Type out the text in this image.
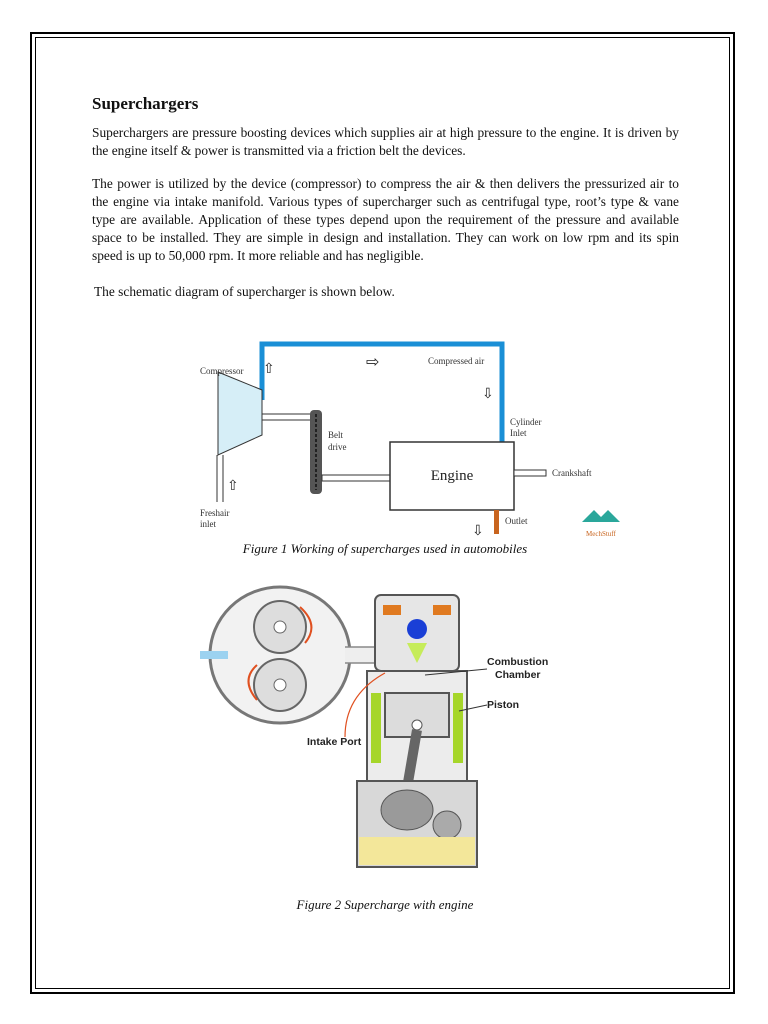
Superchargers
Superchargers are pressure boosting devices which supplies air at high pressure to the engine. It is driven by the engine itself & power is transmitted via a friction belt the devices.
The power is utilized by the device (compressor) to compress the air & then delivers the pressurized air to the engine via intake manifold. Various types of supercharger such as centrifugal type, root’s type & vane type are available. Application of these types depend upon the requirement of the pressure and available space to be installed. They are simple in design and installation. They can work on low rpm and its spin speed is up to 50,000 rpm. It more reliable and has negligible.
The schematic diagram of supercharger is shown below.
Engine
⇧	⇨
⇩
⇧
⇩
Compressor
Compressed air
Cylinder
Inlet
Belt
drive
Crankshaft
Freshair
inlet	Outlet
MechStuff
Figure 1 Working of supercharges used in automobiles
Combustion
Chamber
Piston
Intake Port
Figure 2 Supercharge with engine
